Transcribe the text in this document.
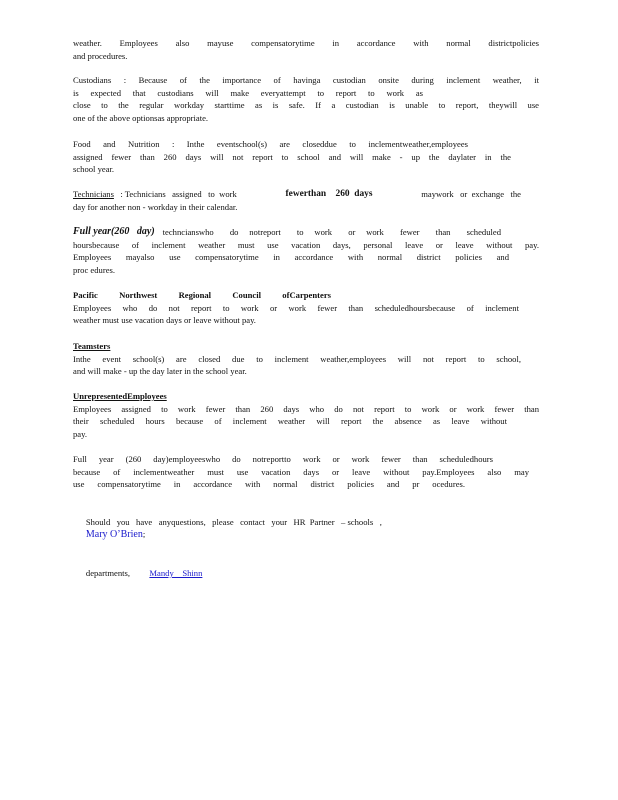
weather. Employees also mayuse compensatorytime in accordance with normal districtpolicies
and procedures.
Custodians : Because of the importance of havinga custodian onsite during inclement weather, it
is expected that custodians will make everyattempt to report to work as
close to the regular workday starttime as is safe. If a custodian is unable to report, theywill use
one of the above optionsas appropriate.
Food and Nutrition : Inthe eventschool(s) are closeddue to inclementweather,employees
assigned fewer than 260 days will not report to school and will make - up the daylater in the
school year.
Technicians : Technicians   assigned   to  work	fewerthan    260  days	maywork   or  exchange   the
day for another non - workday in their calendar.
Full year(260   day) techncianswho   do  notreport   to  work   or  work   fewer   than   scheduled
hoursbecause of inclement weather must use vacation days, personal leave or leave without pay.
Employees mayalso use compensatorytime in accordance with normal district policies and
proc edures.
Pacific Northwest Regional Council ofCarpenters
Employees who do not report to work or work fewer than scheduledhoursbecause of inclement
weather must use vacation days or leave without pay.
Teamsters
Inthe event school(s) are closed due to inclement weather,employees will not report to school,
and will make - up the day later in the school year.
UnrepresentedEmployees
Employees assigned to work fewer than 260 days who do not report to work or work fewer than
their scheduled hours because of inclement weather will report the absence as leave without
pay.
Full year (260 day)employeeswho do notreportto work or work fewer than scheduledhours
because of inclementweather must use vacation days or leave without pay.Employees also may
use compensatorytime in accordance with normal district policies and pr ocedures.

Should   you   have   anyquestions,   please   contact   your   HR  Partner   – schools   ,
Mary O’Brien;

departments, Mandy    Shinn
